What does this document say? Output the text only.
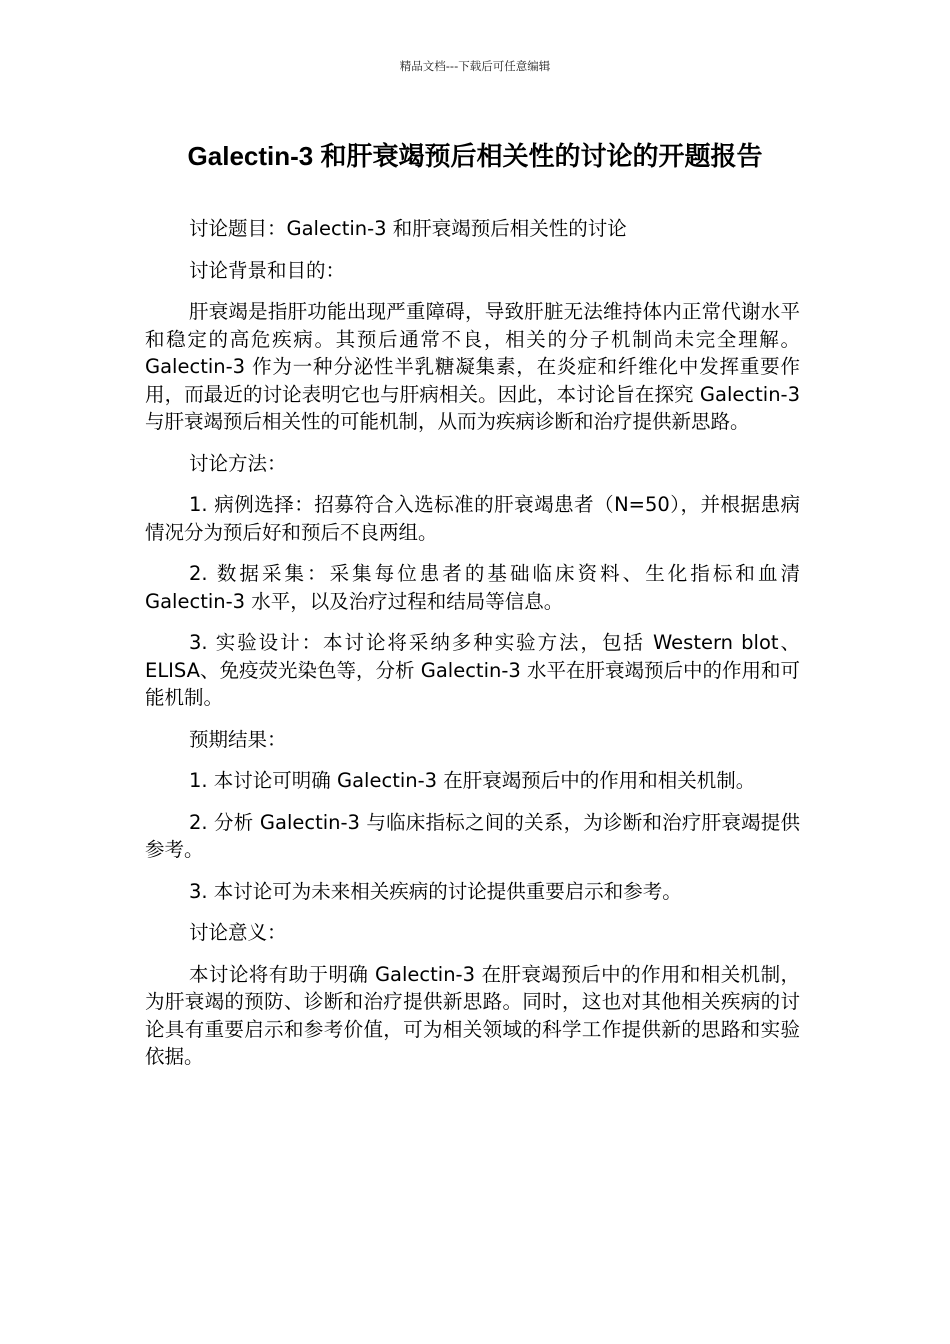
精品文档---下载后可任意编辑
Galectin-3 和肝衰竭预后相关性的讨论的开题报告

讨论题目：Galectin-3 和肝衰竭预后相关性的讨论

讨论背景和目的：

肝衰竭是指肝功能出现严重障碍，导致肝脏无法维持体内正常代谢水平和稳定的高危疾病。其预后通常不良，相关的分子机制尚未完全理解。Galectin-3 作为一种分泌性半乳糖凝集素，在炎症和纤维化中发挥重要作用，而最近的讨论表明它也与肝病相关。因此，本讨论旨在探究 Galectin-3 与肝衰竭预后相关性的可能机制，从而为疾病诊断和治疗提供新思路。

讨论方法：

1. 病例选择：招募符合入选标准的肝衰竭患者（N=50），并根据患病情况分为预后好和预后不良两组。

2. 数据采集：采集每位患者的基础临床资料、生化指标和血清 Galectin-3 水平，以及治疗过程和结局等信息。

3. 实验设计：本讨论将采纳多种实验方法，包括 Western blot、ELISA、免疫荧光染色等，分析 Galectin-3 水平在肝衰竭预后中的作用和可能机制。

预期结果：

1. 本讨论可明确 Galectin-3 在肝衰竭预后中的作用和相关机制。

2. 分析 Galectin-3 与临床指标之间的关系，为诊断和治疗肝衰竭提供参考。

3. 本讨论可为未来相关疾病的讨论提供重要启示和参考。

讨论意义：

本讨论将有助于明确 Galectin-3 在肝衰竭预后中的作用和相关机制，为肝衰竭的预防、诊断和治疗提供新思路。同时，这也对其他相关疾病的讨论具有重要启示和参考价值，可为相关领域的科学工作提供新的思路和实验依据。
